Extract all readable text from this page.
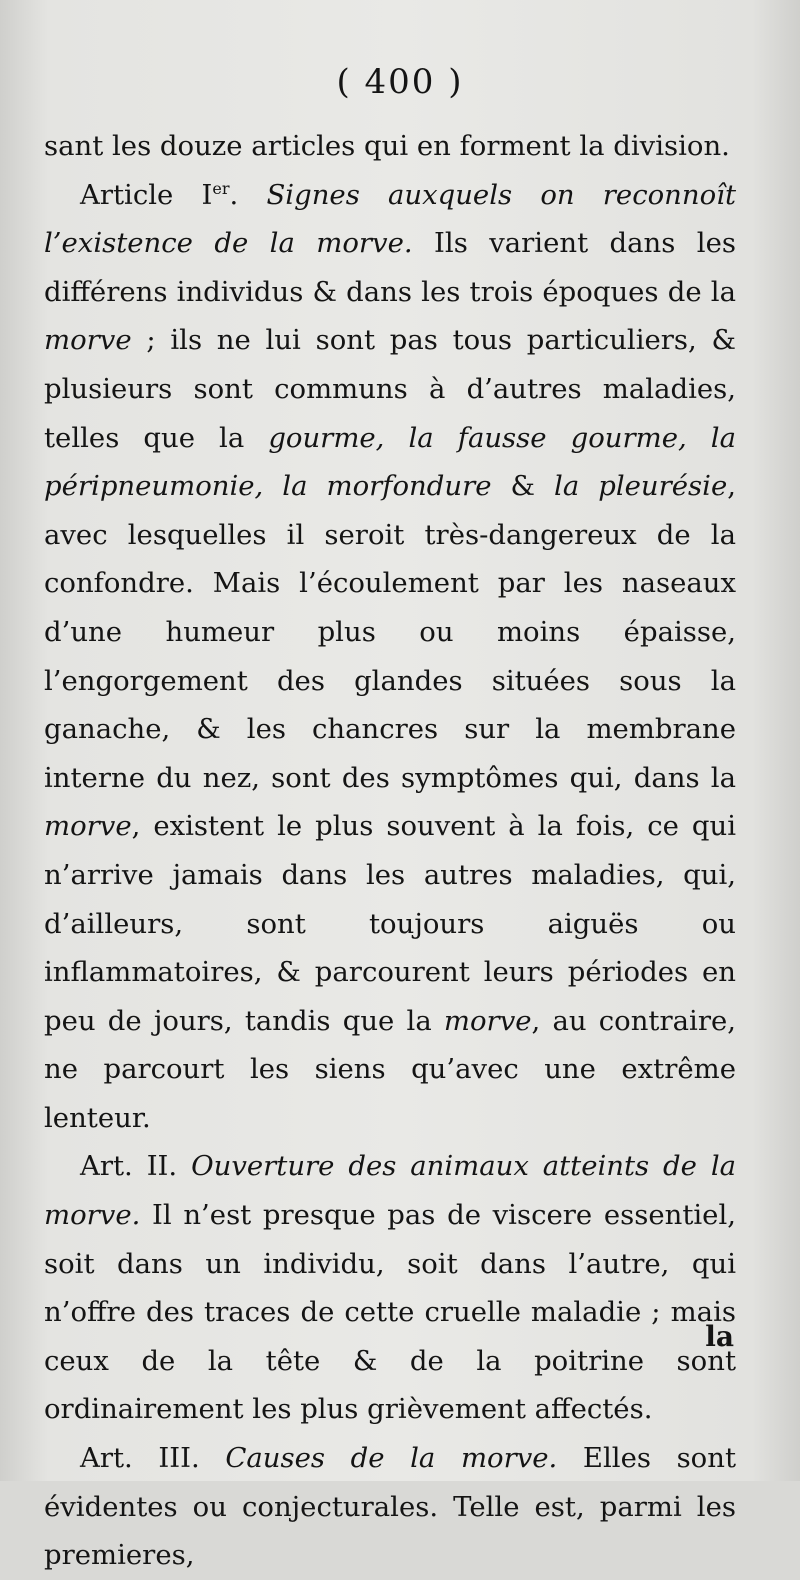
( 400 )

sant les douze articles qui en forment la division.

Article Ier. Signes auxquels on reconnoît l’existence de la morve. Ils varient dans les différens individus & dans les trois époques de la morve ; ils ne lui sont pas tous particuliers, & plusieurs sont communs à d’autres maladies, telles que la gourme, la fausse gourme, la péripneumonie, la morfondure & la pleurésie, avec lesquelles il seroit très-dangereux de la confondre. Mais l’écoulement par les naseaux d’une humeur plus ou moins épaisse, l’engorgement des glandes situées sous la ganache, & les chancres sur la membrane interne du nez, sont des symptômes qui, dans la morve, existent le plus souvent à la fois, ce qui n’arrive jamais dans les autres maladies, qui, d’ailleurs, sont toujours aiguës ou inflammatoires, & parcourent leurs périodes en peu de jours, tandis que la morve, au contraire, ne parcourt les siens qu’avec une extrême lenteur.

Art. II. Ouverture des animaux atteints de la morve. Il n’est presque pas de viscere essentiel, soit dans un individu, soit dans l’autre, qui n’offre des traces de cette cruelle maladie ; mais ceux de la tête & de la poitrine sont ordinairement les plus grièvement affectés.

Art. III. Causes de la morve. Elles sont évidentes ou conjecturales. Telle est, parmi les premieres,

la
